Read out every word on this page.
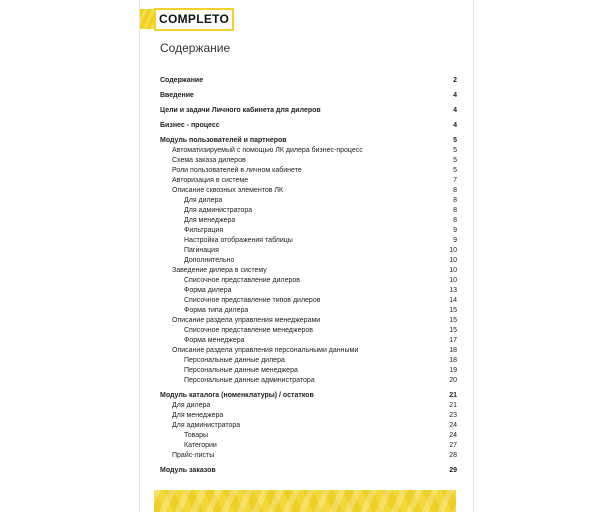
COMPLETO
Содержание
Содержание	2
Введение	4
Цели и задачи Личного кабинета для дилеров	4
Бизнес - процесс	4
Модуль пользователей и партнеров	5
Автоматизируемый с помощью ЛК дилера бизнес-процесс	5
Схема заказа дилеров	5
Роли пользователей в личном кабинете	5
Авторизация в системе	7
Описание сквозных элементов ЛК	8
Для дилера	8
Для администратора	8
Для менеджера	8
Фильтрация	9
Настройка отображения таблицы	9
Пагинация	10
Дополнительно	10
Заведение дилера в систему	10
Списочное представление дилеров	10
Форма дилера	13
Списочное представление типов дилеров	14
Форма типа дилера	15
Описание раздела управления менеджерами	15
Списочное представление менеджеров	15
Форма менеджера	17
Описание раздела управления персональными данными	18
Персональные данные дилера	18
Персональные данные менеджера	19
Персональные данные администратора	20
Модуль каталога (номенклатуры) / остатков	21
Для дилера	21
Для менеджера	23
Для администратора	24
Товары	24
Категории	27
Прайс-листы	28
Модуль заказов	29
